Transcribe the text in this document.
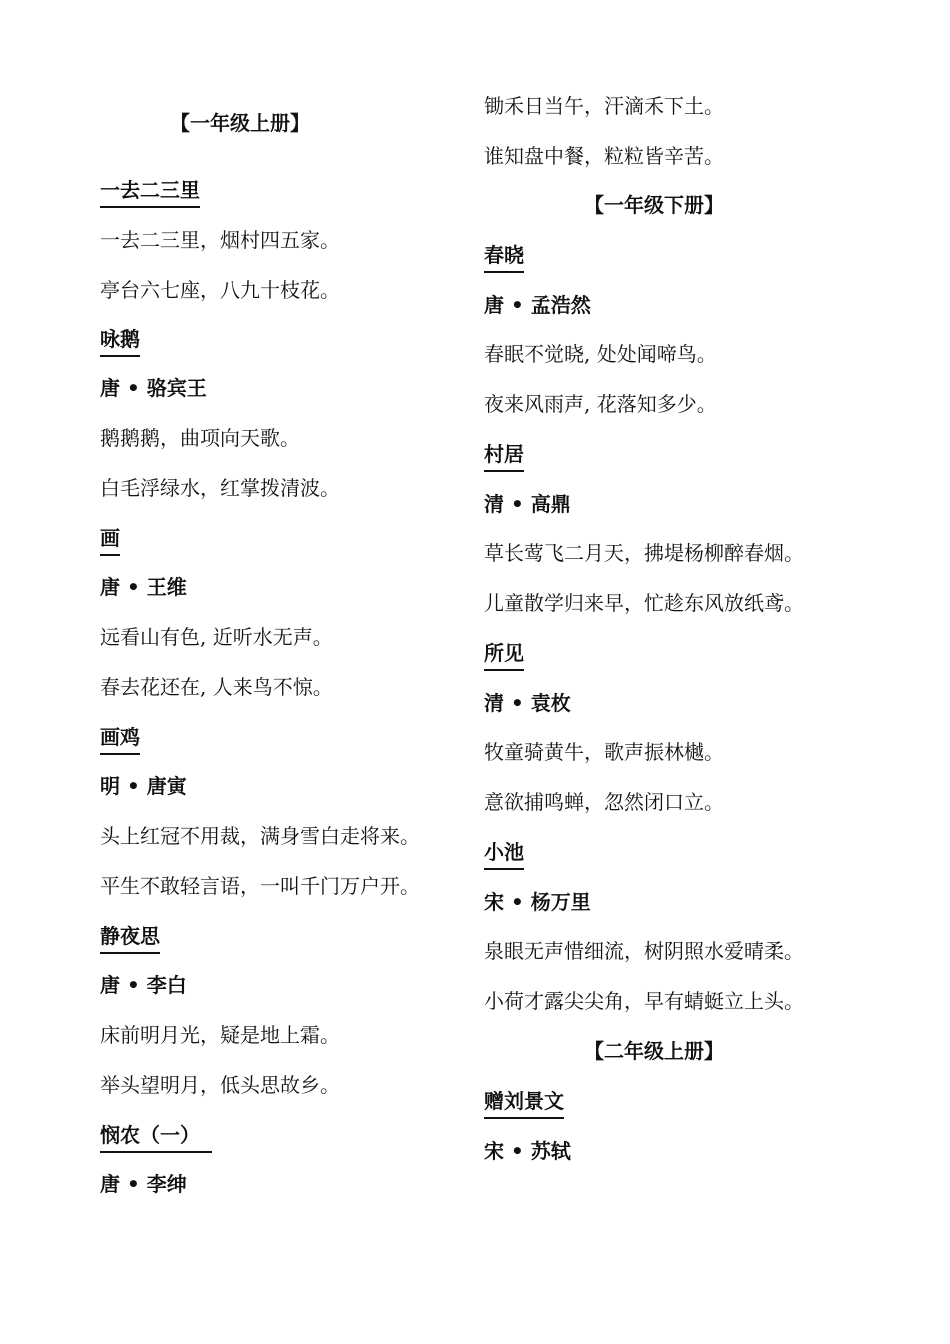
【一年级上册】
一去二三里
一去二三里，烟村四五家。
亭台六七座，八九十枝花。
咏鹅
唐 • 骆宾王
鹅鹅鹅，曲项向天歌。
白毛浮绿水，红掌拨清波。
画
唐 • 王维
远看山有色, 近听水无声。
春去花还在, 人来鸟不惊。
画鸡
明 • 唐寅
头上红冠不用裁，满身雪白走将来。
平生不敢轻言语，一叫千门万户开。
静夜思
唐 • 李白
床前明月光，疑是地上霜。
举头望明月，低头思故乡。
悯农（一）
唐 • 李绅
锄禾日当午，汗滴禾下土。
谁知盘中餐，粒粒皆辛苦。
【一年级下册】
春晓
唐 • 孟浩然
春眠不觉晓, 处处闻啼鸟。
夜来风雨声, 花落知多少。
村居
清 • 高鼎
草长莺飞二月天，拂堤杨柳醉春烟。
儿童散学归来早，忙趁东风放纸鸢。
所见
清 • 袁枚
牧童骑黄牛，歌声振林樾。
意欲捕鸣蝉，忽然闭口立。
小池
宋 • 杨万里
泉眼无声惜细流，树阴照水爱晴柔。
小荷才露尖尖角，早有蜻蜓立上头。
【二年级上册】
赠刘景文
宋 • 苏轼
